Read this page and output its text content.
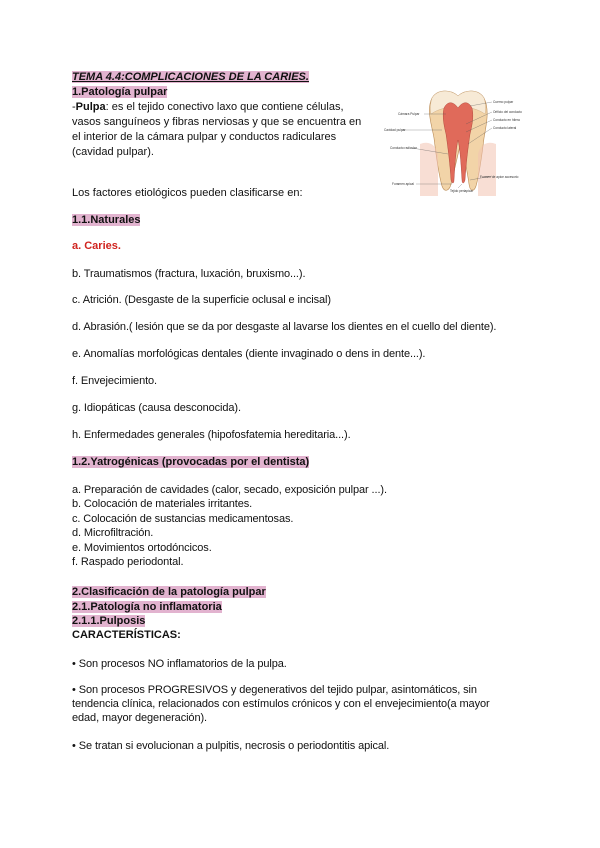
TEMA 4.4:COMPLICACIONES DE LA CARIES.
1.Patología pulpar
-Pulpa: es el tejido conectivo laxo que contiene células,
vasos sanguíneos y fibras nerviosas y que se encuentra en
el interior de la cámara pulpar y conductos radiculares
(cavidad pulpar).
Cuerno pulpar
Orificio del conducto
Conducto en hilera
Conducto lateral
Formen de apice accesorio
Cámara Pulpar
Cavidad pulpar
Conducto radicular
Foramen apical
Tejido periapical
Los factores etiológicos pueden clasificarse en:
1.1.Naturales
a. Caries.
b. Traumatismos (fractura, luxación, bruxismo...).
c. Atrición. (Desgaste de la superficie oclusal e incisal)
d. Abrasión.( lesión que se da por desgaste al lavarse los dientes en el cuello del diente).
e. Anomalías morfológicas dentales (diente invaginado o dens in dente...).
f. Envejecimiento.
g. Idiopáticas (causa desconocida).
h. Enfermedades generales (hipofosfatemia hereditaria...).
1.2.Yatrogénicas (provocadas por el dentista)
a. Preparación de cavidades (calor, secado, exposición pulpar ...).
b. Colocación de materiales irritantes.
c. Colocación de sustancias medicamentosas.
d. Microfiltración.
e. Movimientos ortodóncicos.
f. Raspado periodontal.
2.Clasificación de la patología pulpar
2.1.Patología no inflamatoria
2.1.1.Pulposis
CARACTERÍSTICAS:
• Son procesos NO inflamatorios de la pulpa.
• Son procesos PROGRESIVOS y degenerativos del tejido pulpar, asintomáticos, sin
tendencia clínica, relacionados con estímulos crónicos y con el envejecimiento(a mayor
edad, mayor degeneración).
• Se tratan si evolucionan a pulpitis, necrosis o periodontitis apical.
